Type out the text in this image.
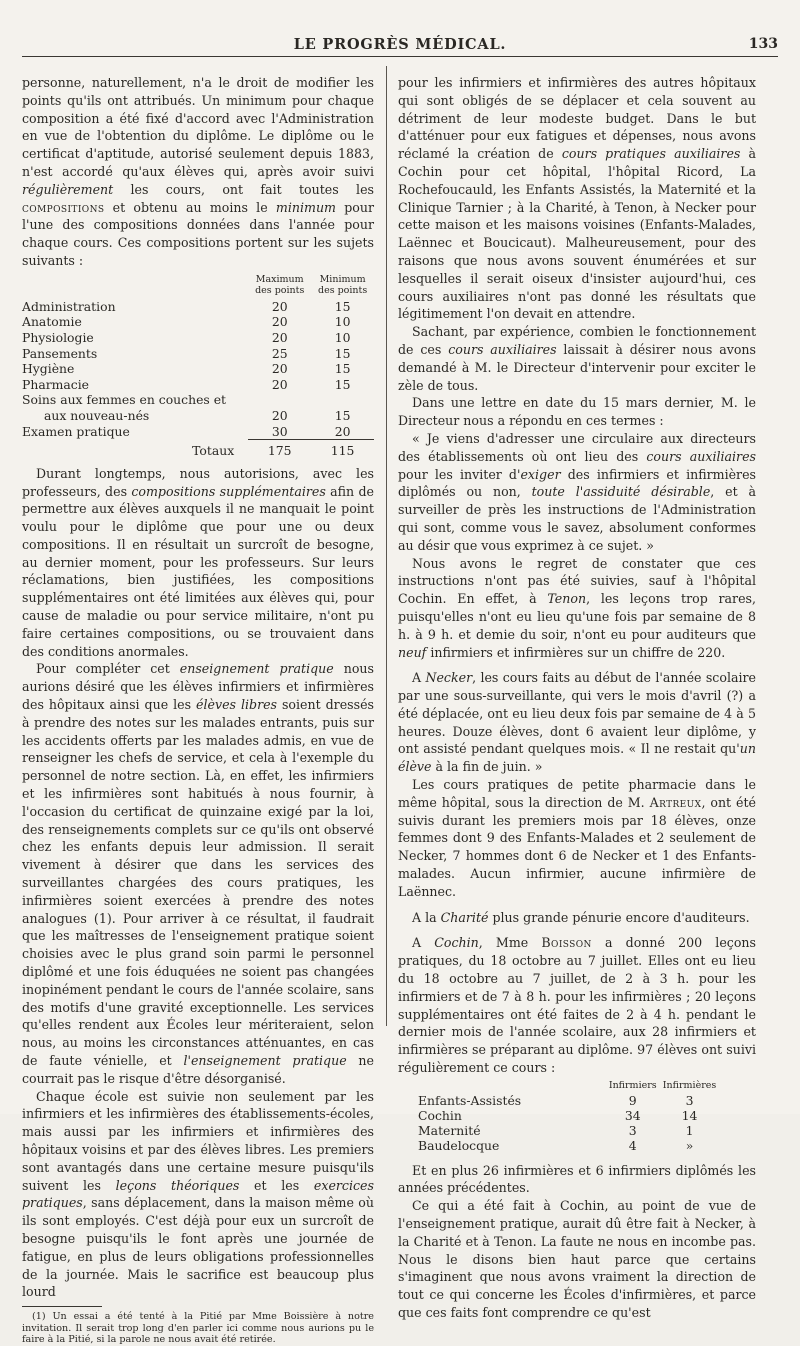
LE PROGRÈS MÉDICAL.	133

personne, naturellement, n'a le droit de modifier les points qu'ils ont attribués. Un minimum pour chaque composition a été fixé d'accord avec l'Administration en vue de l'obtention du diplôme. Le diplôme ou le certificat d'aptitude, autorisé seulement depuis 1883, n'est accordé qu'aux élèves qui, après avoir suivi régulièrement les cours, ont fait toutes les compositions et obtenu au moins le minimum pour l'une des compositions données dans l'année pour chaque cours. Ces compositions portent sur les sujets suivants :

	Maximum des points	Minimum des points
Administration	20	15
Anatomie	20	10
Physiologie	20	10
Pansements	25	15
Hygiène	20	15
Pharmacie	20	15
Soins aux femmes en couches et		
aux nouveau-nés	20	15
Examen pratique	30	20
Totaux	175	115

Durant longtemps, nous autorisions, avec les professeurs, des compositions supplémentaires afin de permettre aux élèves auxquels il ne manquait le point voulu pour le diplôme que pour une ou deux compositions. Il en résultait un surcroît de besogne, au dernier moment, pour les professeurs. Sur leurs réclamations, bien justifiées, les compositions supplémentaires ont été limitées aux élèves qui, pour cause de maladie ou pour service militaire, n'ont pu faire certaines compositions, ou se trouvaient dans des conditions anormales.

Pour compléter cet enseignement pratique nous aurions désiré que les élèves infirmiers et infirmières des hôpitaux ainsi que les élèves libres soient dressés à prendre des notes sur les malades entrants, puis sur les accidents offerts par les malades admis, en vue de renseigner les chefs de service, et cela à l'exemple du personnel de notre section. Là, en effet, les infirmiers et les infirmières sont habitués à nous fournir, à l'occasion du certificat de quinzaine exigé par la loi, des renseignements complets sur ce qu'ils ont observé chez les enfants depuis leur admission. Il serait vivement à désirer que dans les services des surveillantes chargées des cours pratiques, les infirmières soient exercées à prendre des notes analogues (1). Pour arriver à ce résultat, il faudrait que les maîtresses de l'enseignement pratique soient choisies avec le plus grand soin parmi le personnel diplômé et une fois éduquées ne soient pas changées inopinément pendant le cours de l'année scolaire, sans des motifs d'une gravité exceptionnelle. Les services qu'elles rendent aux Écoles leur mériteraient, selon nous, au moins les circonstances atténuantes, en cas de faute vénielle, et l'enseignement pratique ne courrait pas le risque d'être désorganisé.

Chaque école est suivie non seulement par les infirmiers et les infirmières des établissements-écoles, mais aussi par les infirmiers et infirmières des hôpitaux voisins et par des élèves libres. Les premiers sont avantagés dans une certaine mesure puisqu'ils suivent les leçons théoriques et les exercices pratiques, sans déplacement, dans la maison même où ils sont employés. C'est déjà pour eux un surcroît de besogne puisqu'ils le font après une journée de fatigue, en plus de leurs obligations professionnelles de la journée. Mais le sacrifice est beaucoup plus lourd

(1) Un essai a été tenté à la Pitié par Mme Boissière à notre invitation. Il serait trop long d'en parler ici comme nous aurions pu le faire à la Pitié, si la parole ne nous avait été retirée.

pour les infirmiers et infirmières des autres hôpitaux qui sont obligés de se déplacer et cela souvent au détriment de leur modeste budget. Dans le but d'atténuer pour eux fatigues et dépenses, nous avons réclamé la création de cours pratiques auxiliaires à Cochin pour cet hôpital, l'hôpital Ricord, La Rochefoucauld, les Enfants Assistés, la Maternité et la Clinique Tarnier ; à la Charité, à Tenon, à Necker pour cette maison et les maisons voisines (Enfants-Malades, Laënnec et Boucicaut). Malheureusement, pour des raisons que nous avons souvent énumérées et sur lesquelles il serait oiseux d'insister aujourd'hui, ces cours auxiliaires n'ont pas donné les résultats que légitimement l'on devait en attendre.

Sachant, par expérience, combien le fonctionnement de ces cours auxiliaires laissait à désirer nous avons demandé à M. le Directeur d'intervenir pour exciter le zèle de tous.

Dans une lettre en date du 15 mars dernier, M. le Directeur nous a répondu en ces termes :

« Je viens d'adresser une circulaire aux directeurs des établissements où ont lieu des cours auxiliaires pour les inviter d'exiger des infirmiers et infirmières diplômés ou non, toute l'assiduité désirable, et à surveiller de près les instructions de l'Administration qui sont, comme vous le savez, absolument conformes au désir que vous exprimez à ce sujet. »

Nous avons le regret de constater que ces instructions n'ont pas été suivies, sauf à l'hôpital Cochin. En effet, à Tenon, les leçons trop rares, puisqu'elles n'ont eu lieu qu'une fois par semaine de 8 h. à 9 h. et demie du soir, n'ont eu pour auditeurs que neuf infirmiers et infirmières sur un chiffre de 220.

A Necker, les cours faits au début de l'année scolaire par une sous-surveillante, qui vers le mois d'avril (?) a été déplacée, ont eu lieu deux fois par semaine de 4 à 5 heures. Douze élèves, dont 6 avaient leur diplôme, y ont assisté pendant quelques mois. « Il ne restait qu'un élève à la fin de juin. »

Les cours pratiques de petite pharmacie dans le même hôpital, sous la direction de M. Artreux, ont été suivis durant les premiers mois par 18 élèves, onze femmes dont 9 des Enfants-Malades et 2 seulement de Necker, 7 hommes dont 6 de Necker et 1 des Enfants-malades. Aucun infirmier, aucune infirmière de Laënnec.

A la Charité plus grande pénurie encore d'auditeurs.

A Cochin, Mme Boisson a donné 200 leçons pratiques, du 18 octobre au 7 juillet. Elles ont eu lieu du 18 octobre au 7 juillet, de 2 à 3 h. pour les infirmiers et de 7 à 8 h. pour les infirmières ; 20 leçons supplémentaires ont été faites de 2 à 4 h. pendant le dernier mois de l'année scolaire, aux 28 infirmiers et infirmières se préparant au diplôme. 97 élèves ont suivi régulièrement ce cours :

	Infirmiers	Infirmières
Enfants-Assistés	9	3
Cochin	34	14
Maternité	3	1
Baudelocque	4	»

Et en plus 26 infirmières et 6 infirmiers diplômés les années précédentes.

Ce qui a été fait à Cochin, au point de vue de l'enseignement pratique, aurait dû être fait à Necker, à la Charité et à Tenon. La faute ne nous en incombe pas. Nous le disons bien haut parce que certains s'imaginent que nous avons vraiment la direction de tout ce qui concerne les Écoles d'infirmières, et parce que ces faits font comprendre ce qu'est
